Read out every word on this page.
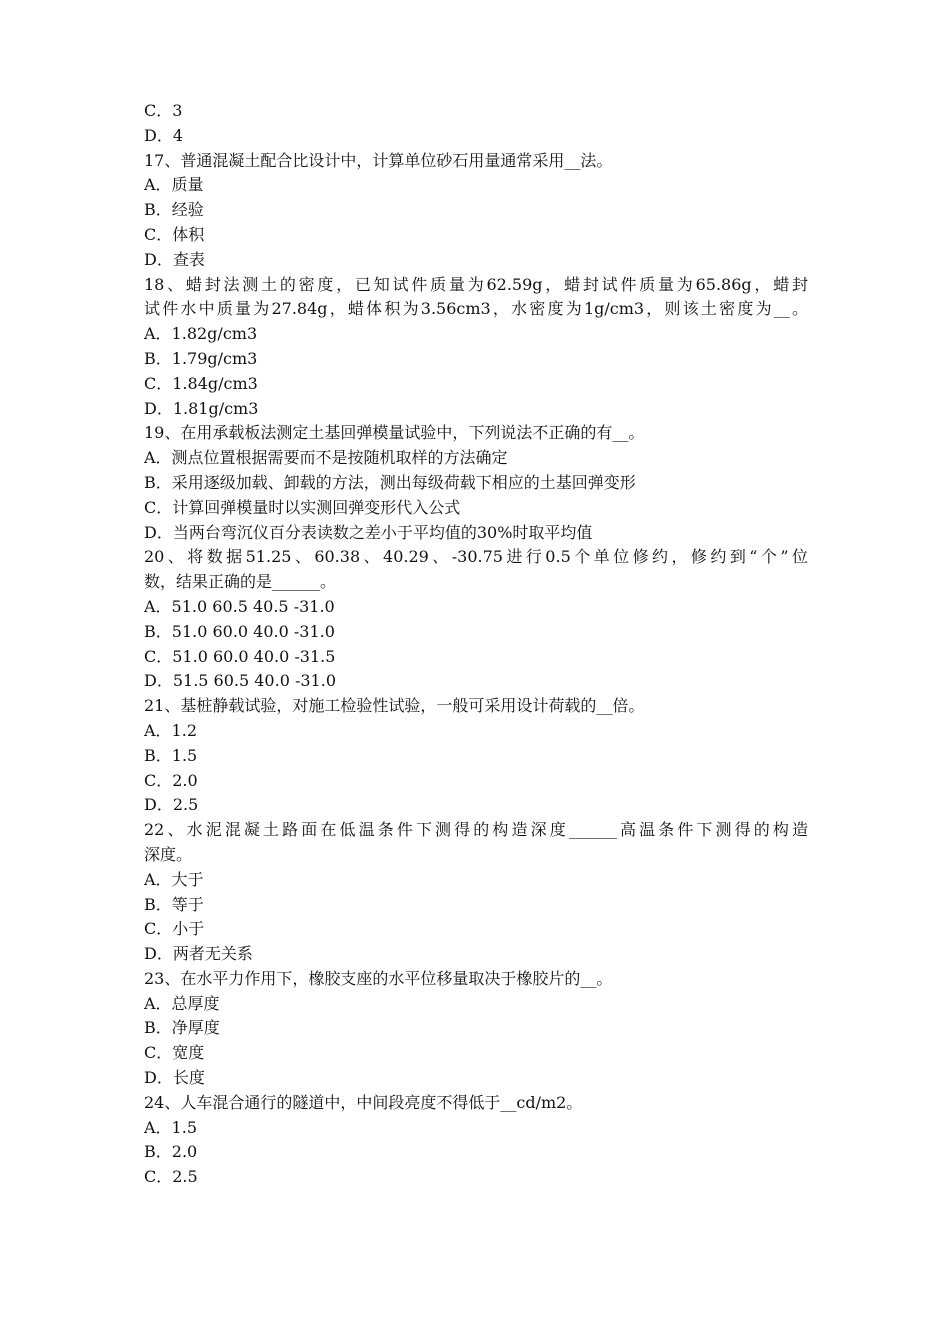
C．3
D．4
17、普通混凝土配合比设计中，计算单位砂石用量通常采用__法。
A．质量
B．经验
C．体积
D．查表
18、蜡封法测土的密度，已知试件质量为62.59g，蜡封试件质量为65.86g，蜡封
试件水中质量为27.84g，蜡体积为3.56cm3，水密度为1g/cm3，则该土密度为__。
A．1.82g/cm3
B．1.79g/cm3
C．1.84g/cm3
D．1.81g/cm3
19、在用承载板法测定土基回弹模量试验中，下列说法不正确的有__。
A．测点位置根据需要而不是按随机取样的方法确定
B．采用逐级加载、卸载的方法，测出每级荷载下相应的土基回弹变形
C．计算回弹模量时以实测回弹变形代入公式
D．当两台弯沉仪百分表读数之差小于平均值的30%时取平均值
20、将数据51.25、60.38、40.29、-30.75进行0.5个单位修约，修约到“个”位
数，结果正确的是______。
A．51.0 60.5 40.5 -31.0
B．51.0 60.0 40.0 -31.0
C．51.0 60.0 40.0 -31.5
D．51.5 60.5 40.0 -31.0
21、基桩静载试验，对施工检验性试验，一般可采用设计荷载的__倍。
A．1.2
B．1.5
C．2.0
D．2.5
22、水泥混凝土路面在低温条件下测得的构造深度______高温条件下测得的构造
深度。
A．大于
B．等于
C．小于
D．两者无关系
23、在水平力作用下，橡胶支座的水平位移量取决于橡胶片的__。
A．总厚度
B．净厚度
C．宽度
D．长度
24、人车混合通行的隧道中，中间段亮度不得低于__cd/m2。
A．1.5
B．2.0
C．2.5
